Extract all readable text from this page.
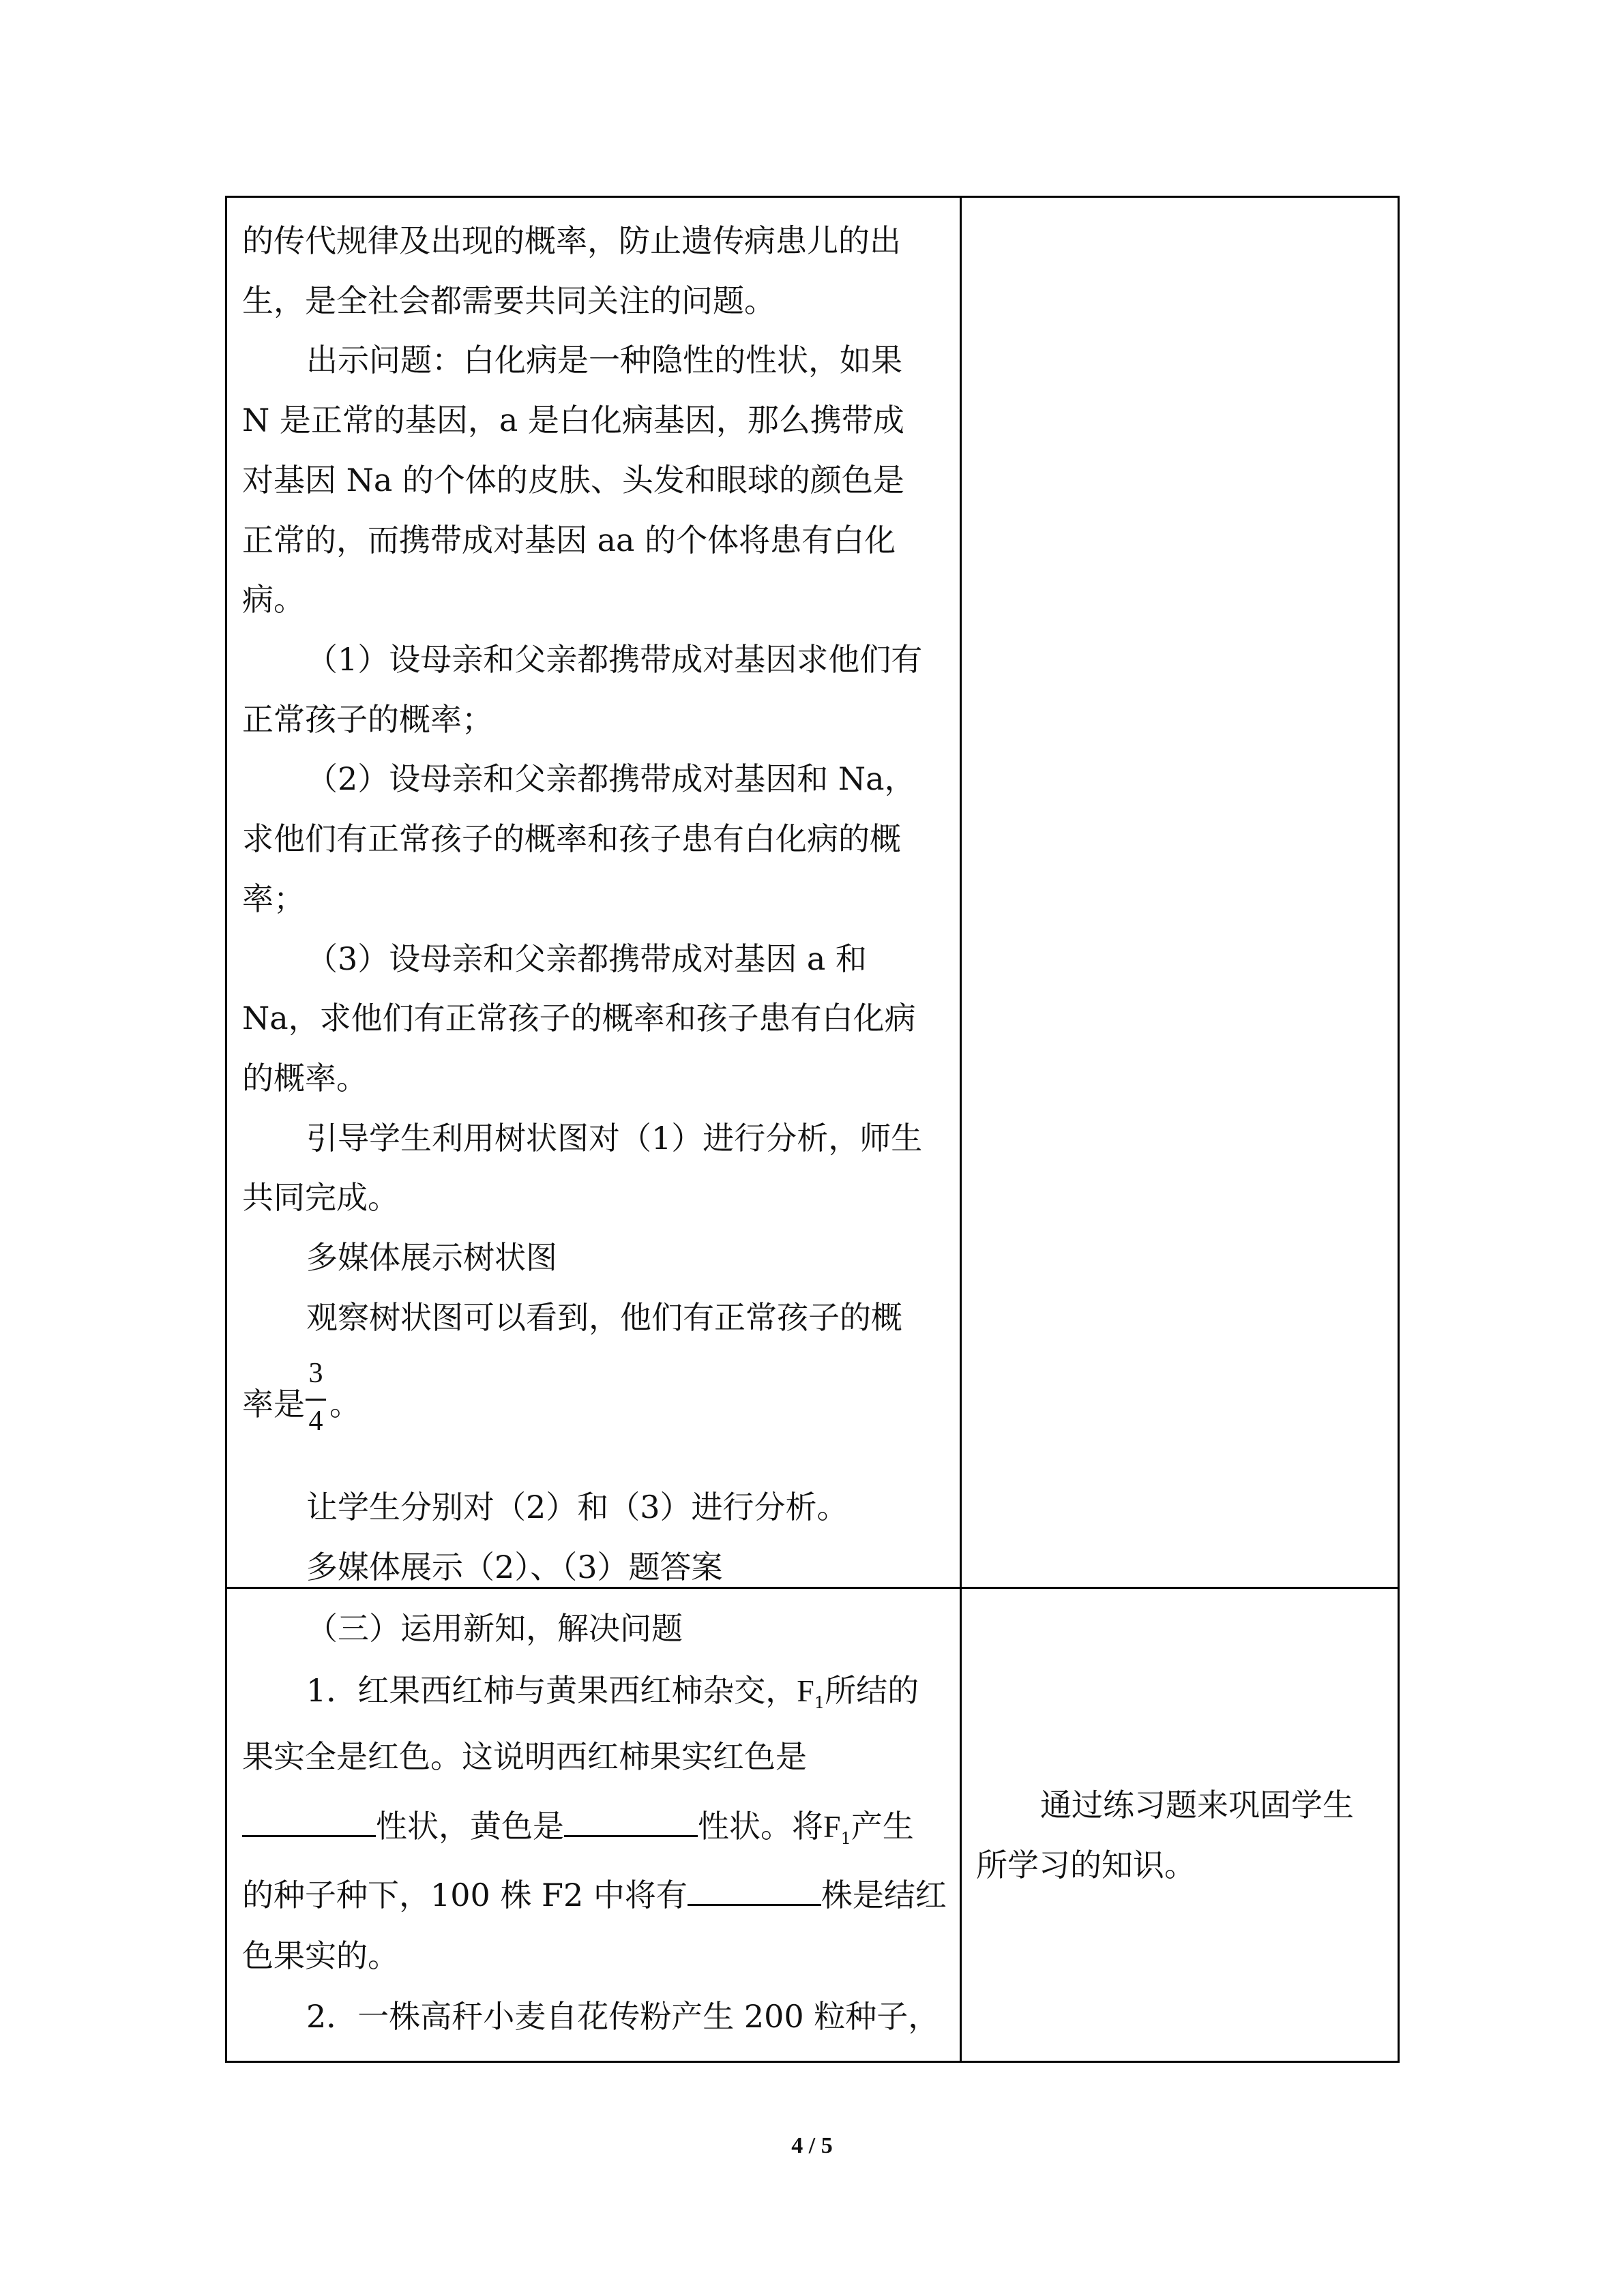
的传代规律及出现的概率，防止遗传病患儿的出
生，是全社会都需要共同关注的问题。
出示问题：白化病是一种隐性的性状，如果
N 是正常的基因，a 是白化病基因，那么携带成
对基因 Na 的个体的皮肤、头发和眼球的颜色是
正常的，而携带成对基因 aa 的个体将患有白化
病。
（1）设母亲和父亲都携带成对基因求他们有
正常孩子的概率；
（2）设母亲和父亲都携带成对基因和 Na，
求他们有正常孩子的概率和孩子患有白化病的概
率；
（3）设母亲和父亲都携带成对基因 a 和
Na，求他们有正常孩子的概率和孩子患有白化病
的概率。
引导学生利用树状图对（1）进行分析，师生
共同完成。
多媒体展示树状图
观察树状图可以看到，他们有正常孩子的概
率是 。
3
4
让学生分别对（2）和（3）进行分析。
多媒体展示（2）、（3）题答案
（三）运用新知，解决问题
1．红果西红柿与黄果西红柿杂交，$F_1$所结的
果实全是红色。这说明西红柿果实红色是
性状，黄色是	性状。将$F_1$产生
的种子种下，100 株 F2 中将有	株是结红
色果实的。
2．一株高秆小麦自花传粉产生 200 粒种子，
通过练习题来巩固学生
所学习的知识。
4 / 5
